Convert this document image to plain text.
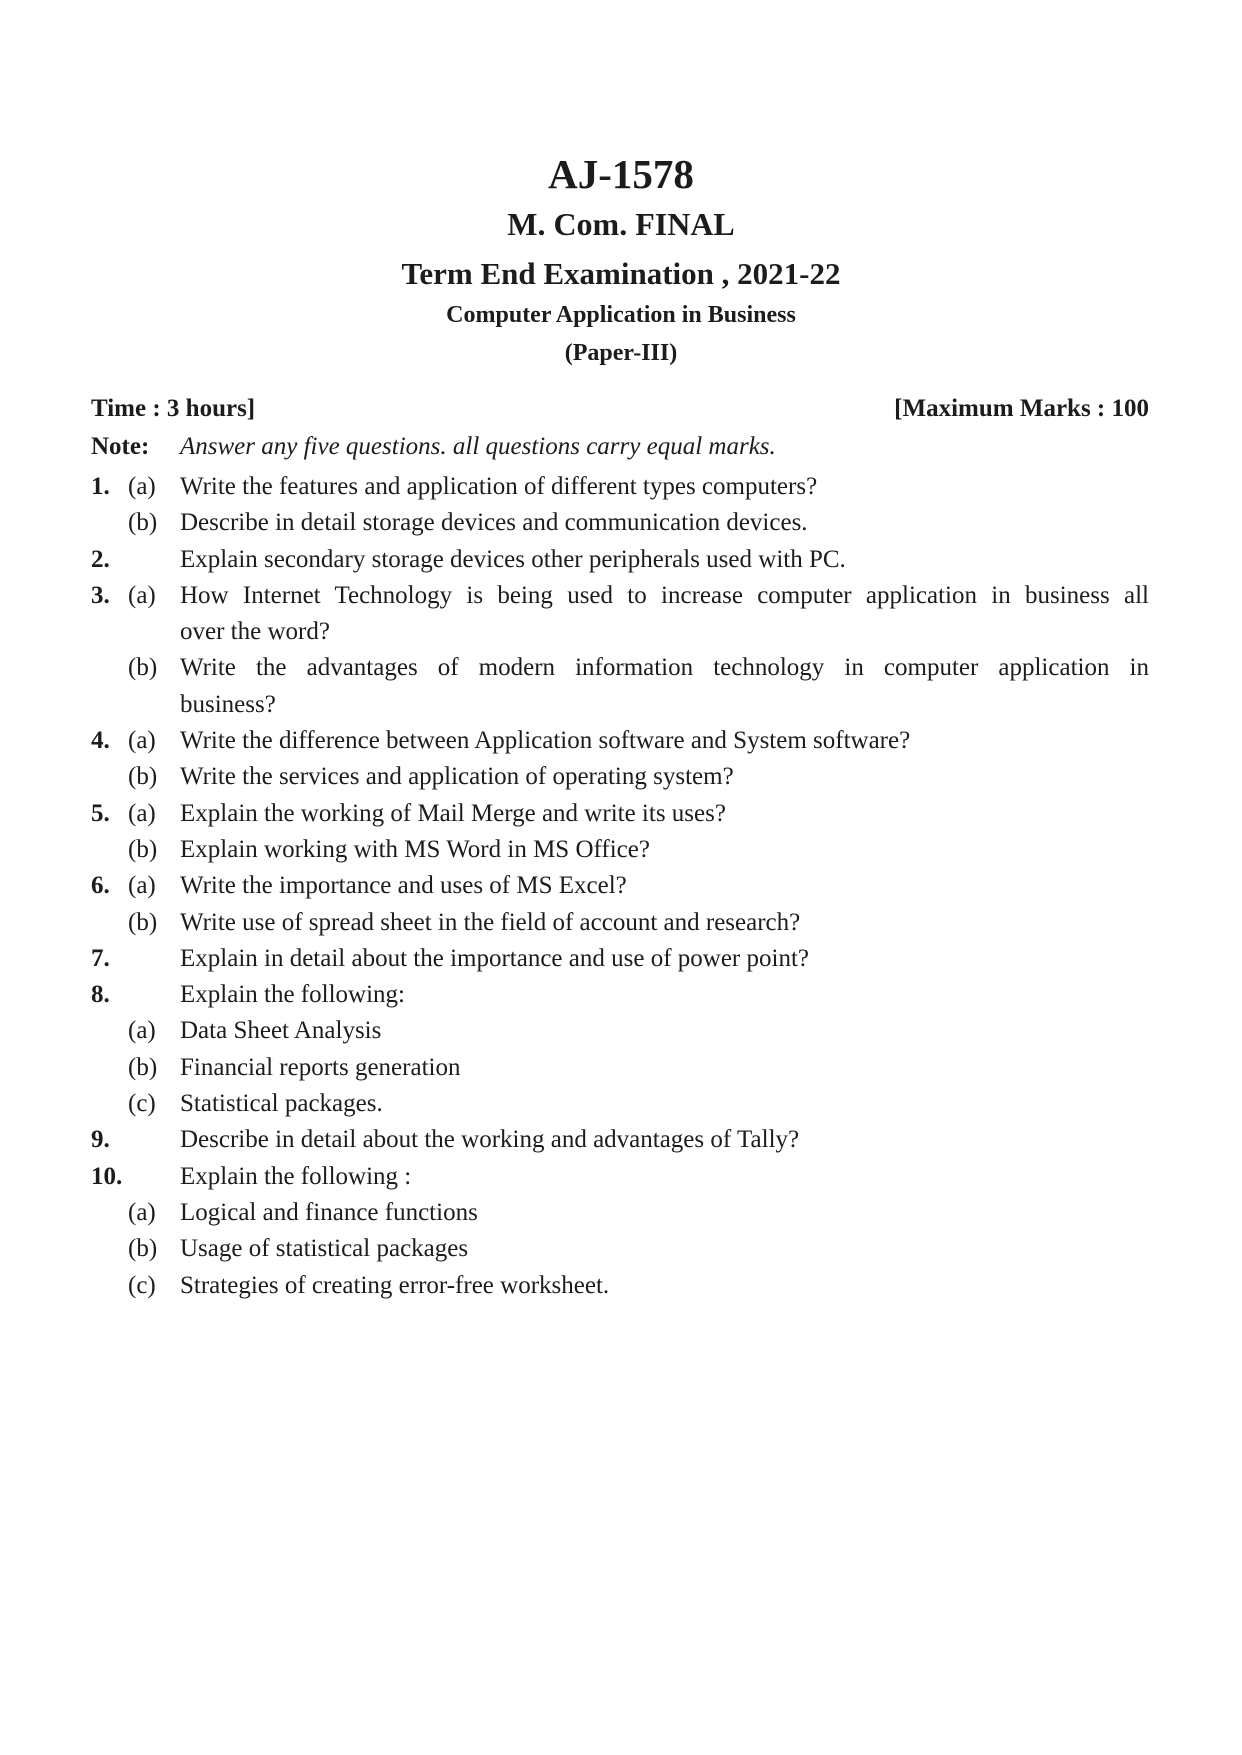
AJ-1578
M. Com. FINAL
Term End Examination , 2021-22
Computer Application in Business
(Paper-III)
Time : 3 hours]	[Maximum Marks : 100
Note: Answer any five questions. all questions carry equal marks.
1. (a) Write the features and application of different types computers?
(b) Describe in detail storage devices and communication devices.
2.	Explain secondary storage devices other peripherals used with PC.
3. (a) How Internet Technology is being used to increase computer application in business all
over the word?
(b) Write the advantages of modern information technology in computer application in
business?
4. (a) Write the difference between Application software and System software?
(b) Write the services and application of operating system?
5. (a) Explain the working of Mail Merge and write its uses?
(b) Explain working with MS Word in MS Office?
6. (a) Write the importance and uses of MS Excel?
(b) Write use of spread sheet in the field of account and research?
7.	Explain in detail about the importance and use of power point?
8.	Explain the following:
(a) Data Sheet Analysis
(b) Financial reports generation
(c) Statistical packages.
9.	Describe in detail about the working and advantages of Tally?
10. Explain the following :
(a) Logical and finance functions
(b) Usage of statistical packages
(c) Strategies of creating error-free worksheet.
